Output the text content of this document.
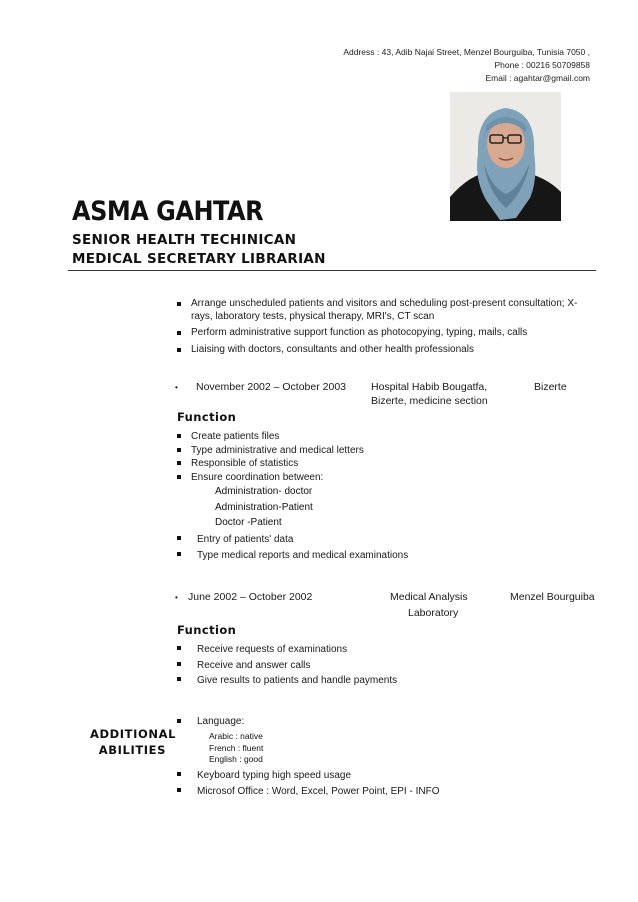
Address : 43, Adib Najai Street, Menzel Bourguiba, Tunisia 7050 ,
Phone : 00216 50709858
Email : agahtar@gmail.com
ASMA GAHTAR
SENIOR HEALTH TECHINICAN
MEDICAL SECRETARY LIBRARIAN
Arrange unscheduled patients and visitors and scheduling post-present consultation; X-rays, laboratory tests, physical therapy, MRI's, CT scan
Perform administrative support function as photocopying, typing, mails, calls
Liaising with doctors, consultants and other health professionals
• November 2002 – October 2003 Hospital Habib Bougatfa,
Bizerte, medicine section
Bizerte
Function
Create patients files
Type administrative and medical letters
Responsible of statistics
Ensure coordination between:
Administration- doctor
Administration-Patient
Doctor -Patient
Entry of patients' data
Type medical reports and medical examinations
• June 2002 – October 2002	Medical Analysis
Laboratory
Menzel Bourguiba
Function
Receive requests of examinations
Receive and answer calls
Give results to patients and handle payments
ADDITIONAL
ABILITIES
Language:
Arabic : native
French : fluent
English : good
Keyboard typing high speed usage
Microsof Office : Word, Excel, Power Point, EPI - INFO
